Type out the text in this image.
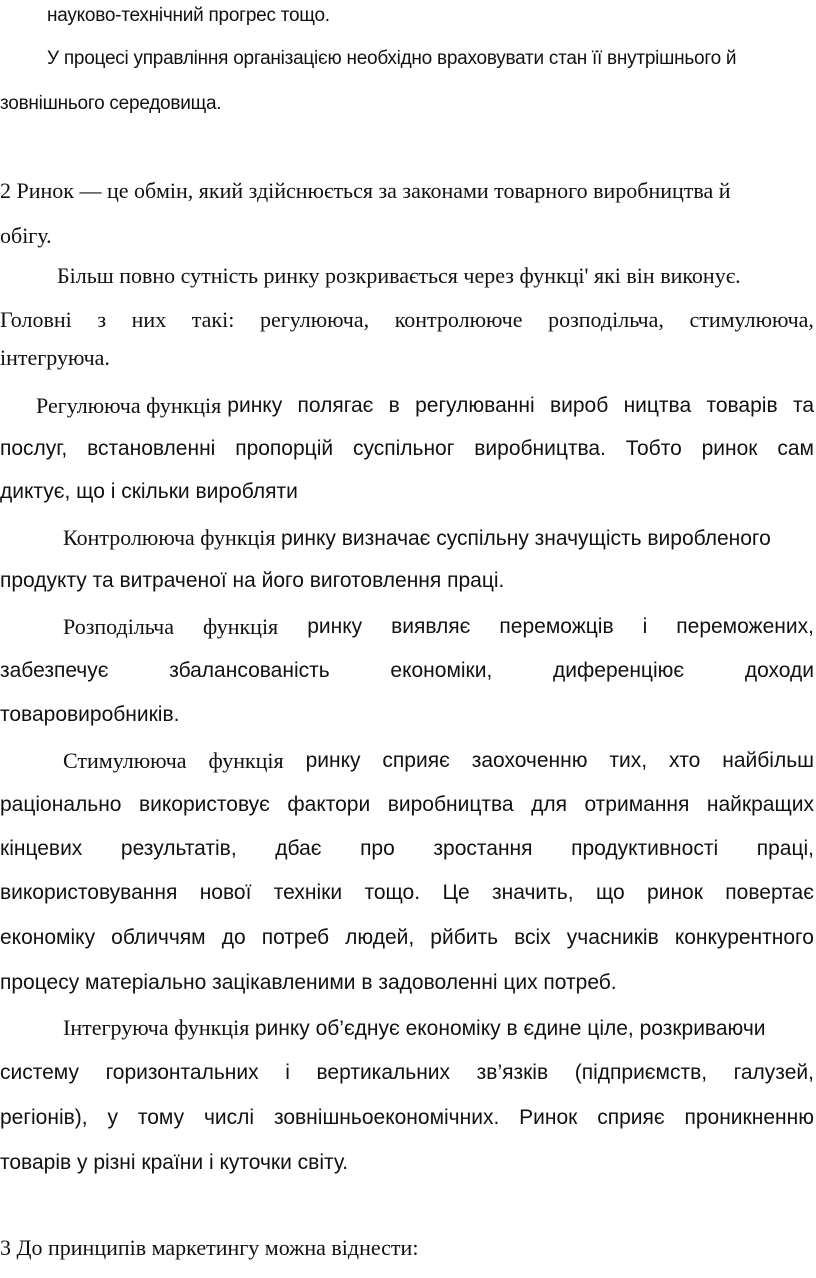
науково-технічний прогрес тощо.
У процесі управління організацією необхідно враховувати стан її внутрішнього й
зовнішнього середовища.
2 Ринок — це обмін, який здійснюється за законами товарного виробництва й
обігу.
Більш повно сутність ринку розкривається через функці' які він виконує.
Головні з них такі: регулююча, контролююче розподільча, стимулююча,
інтегруюча.
Регулююча функція ринку полягає в регулюванні вироб ництва товарів та
послуг, встановленні пропорцій суспільног виробництва. Тобто ринок сам
диктує, що і скільки виробляти
Контролююча функція ринку визначає суспільну значущість виробленого
продукту та витраченої на його виготовлення праці.
Розподільча функція ринку виявляє переможців і переможених,
забезпечує	збалансованість	економіки,	диференціює	доходи
товаровиробників.
Стимулююча функція ринку сприяє заохоченню тих, хто найбільш
раціонально використовує фактори виробництва для отримання найкращих
кінцевих результатів, дбає про зростання продуктивності праці,
використовування нової техніки тощо. Це значить, що ринок повертає
економіку обличчям до потреб людей, рйбить всіх учасників конкурентного
процесу матеріально зацікавленими в задоволенні цих потреб.
Інтегруюча функція ринку об’єднує економіку в єдине ціле, розкриваючи
систему горизонтальних і вертикальних зв’язків (підприємств, галузей,
регіонів), у тому числі зовнішньоекономічних. Ринок сприяє проникненню
товарів у різні країни і куточки світу.
3 До принципів маркетингу можна віднести:
